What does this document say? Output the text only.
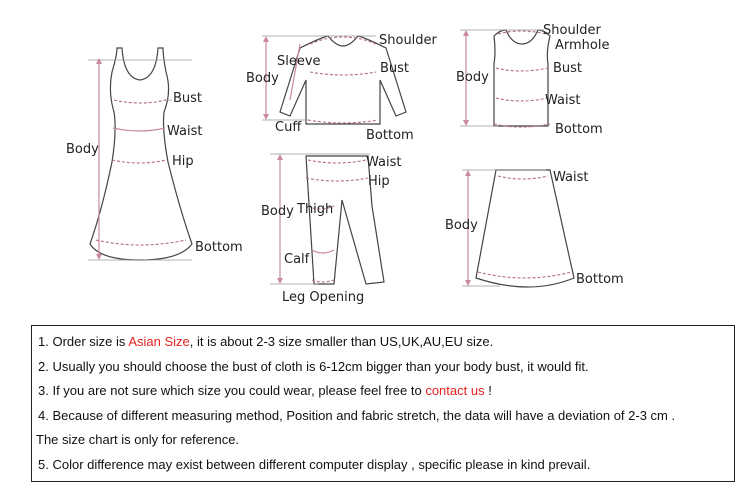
Body
Bust
Waist
Hip
Bottom
Body
Sleeve
Shoulder
Bust
Cuff
Bottom
Body
Shoulder
Armhole
Bust
Waist
Bottom
Body
Waist
Hip
Thigh
Calf
Leg Opening
Body
Waist
Bottom
1. Order size is Asian Size, it is about 2-3 size smaller than US,UK,AU,EU size.
2. Usually you should choose the bust of cloth is 6-12cm bigger than your body bust, it would fit.
3. If you are not sure which size you could wear, please feel free to contact us !
4. Because of different measuring method, Position and fabric stretch, the data will have a deviation of 2-3 cm .
The size chart is only for reference.
5. Color difference may exist between different computer display , specific please in kind prevail.
